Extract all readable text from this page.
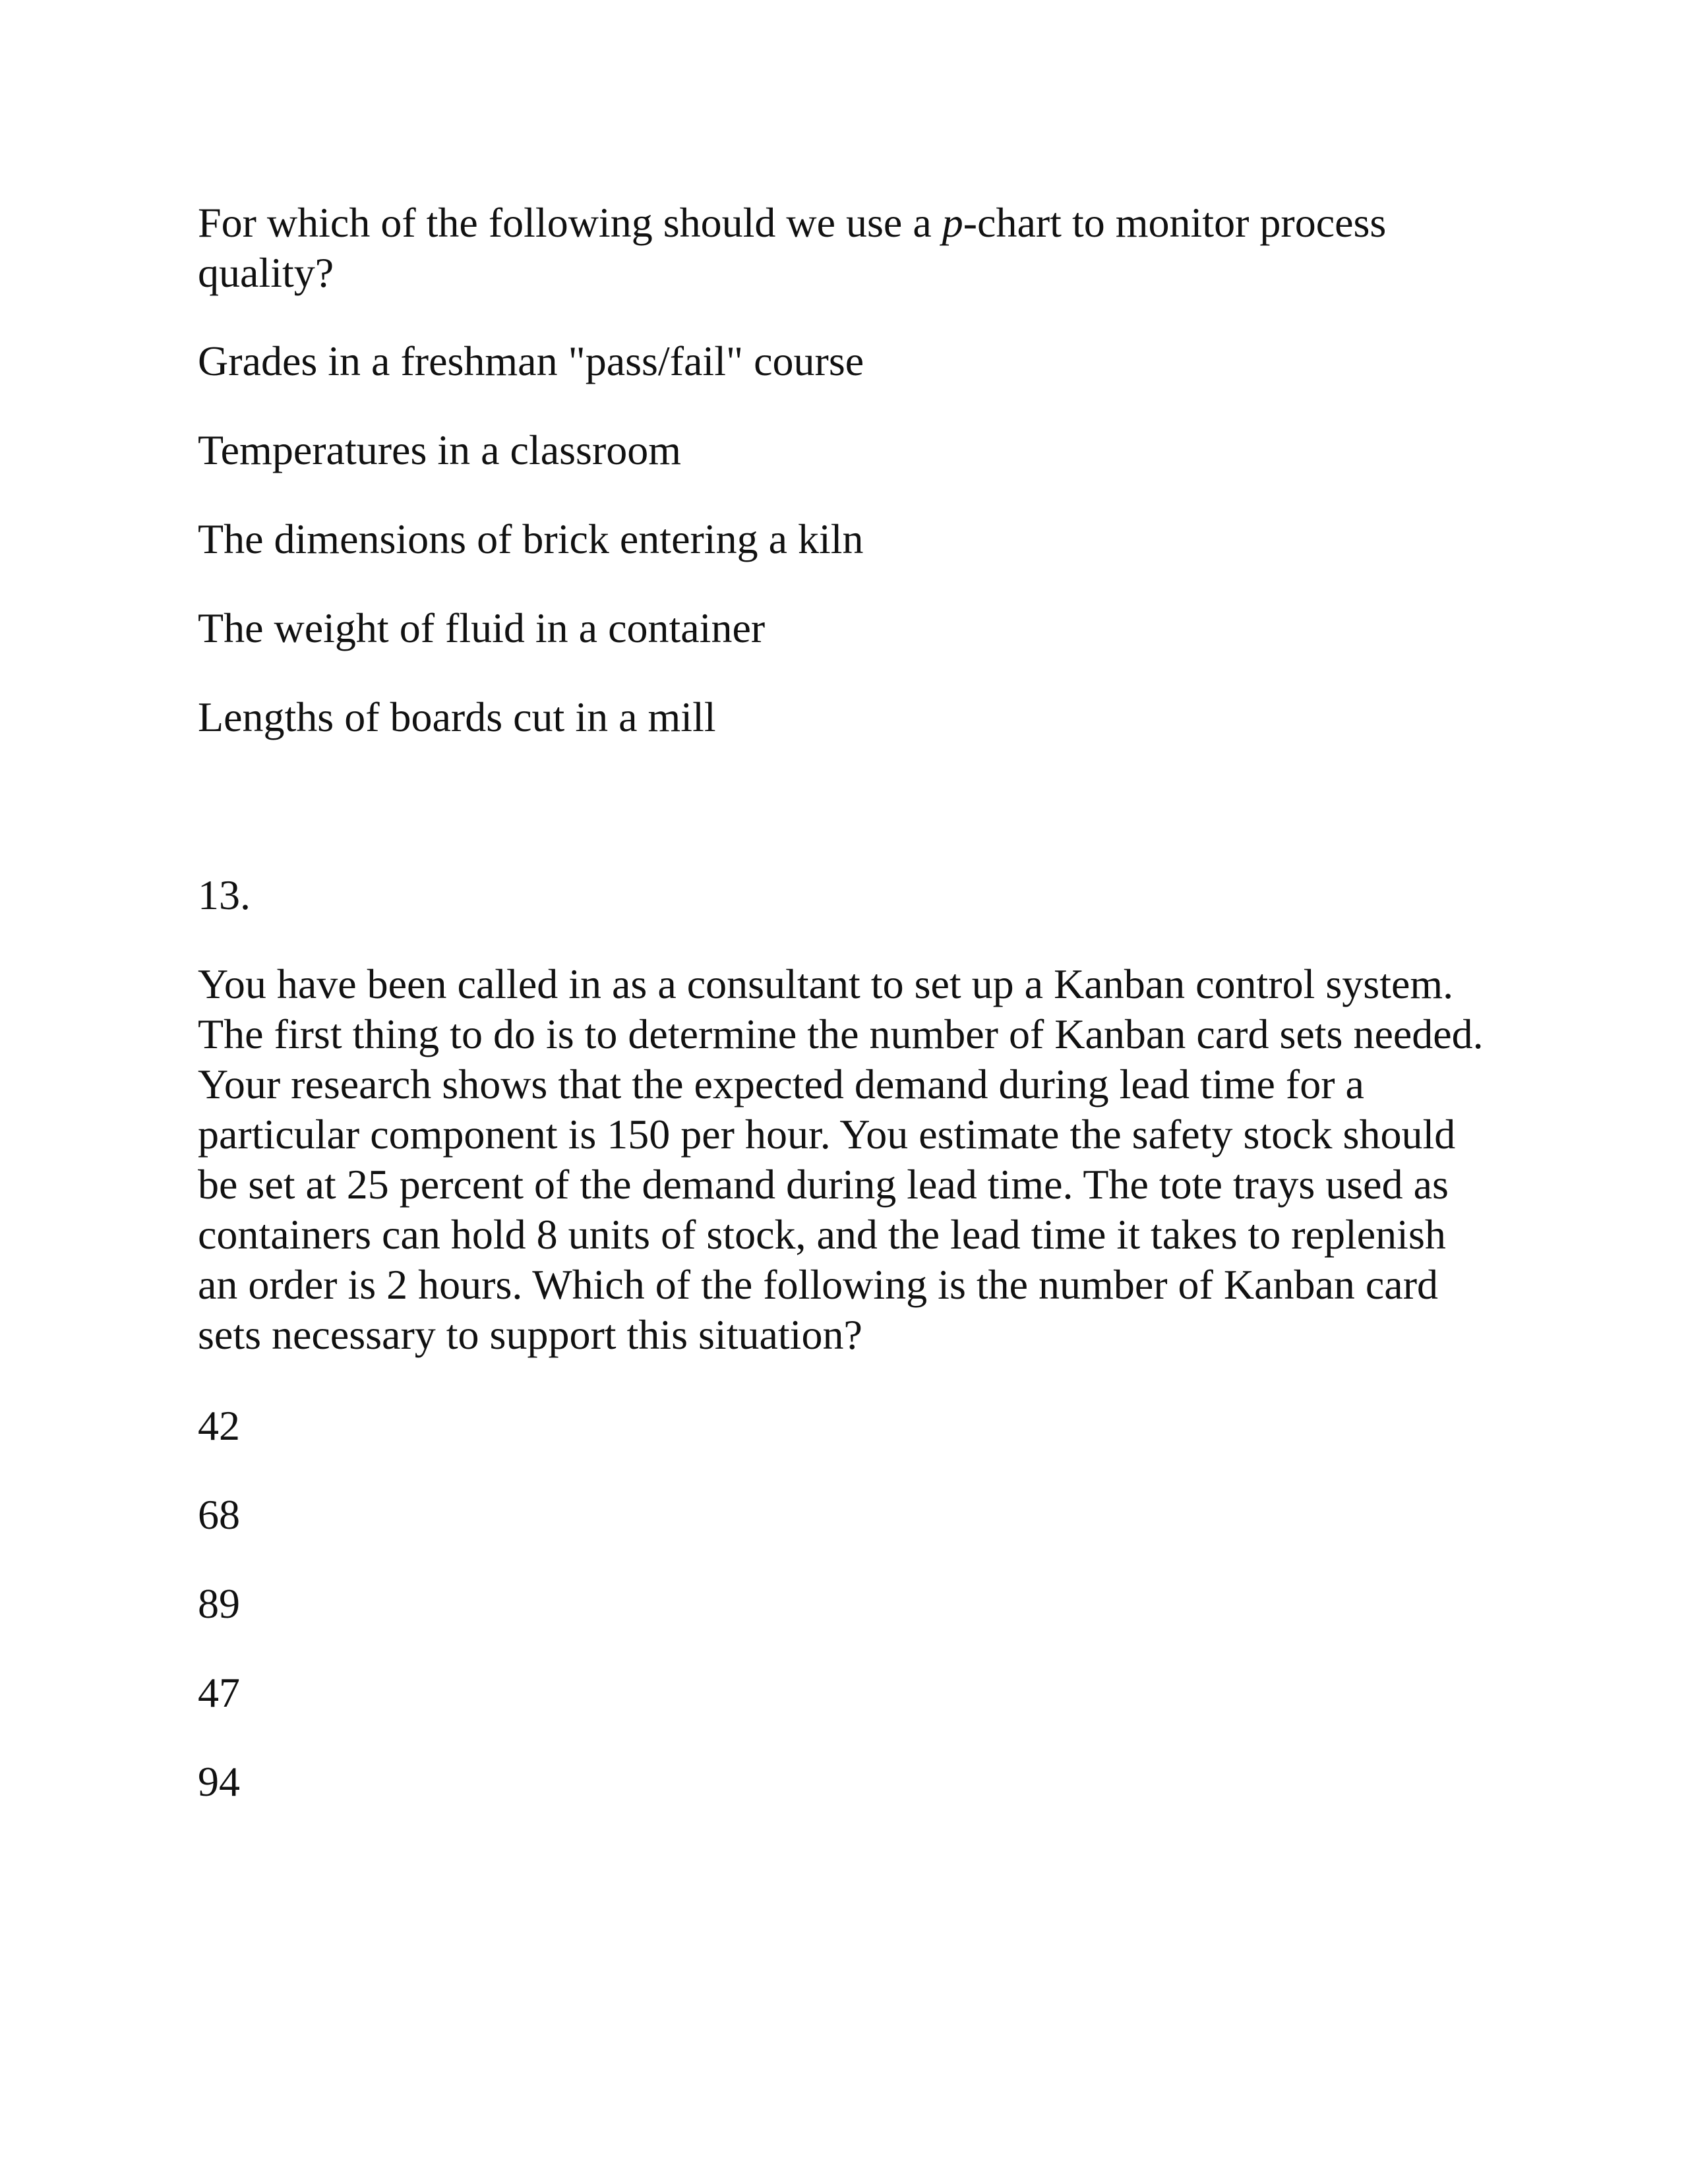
For which of the following should we use a p-chart to monitor process quality?

Grades in a freshman "pass/fail" course

Temperatures in a classroom

The dimensions of brick entering a kiln

The weight of fluid in a container

Lengths of boards cut in a mill

13.

You have been called in as a consultant to set up a Kanban control system. The first thing to do is to determine the number of Kanban card sets needed. Your research shows that the expected demand during lead time for a particular component is 150 per hour. You estimate the safety stock should be set at 25 percent of the demand during lead time. The tote trays used as containers can hold 8 units of stock, and the lead time it takes to replenish an order is 2 hours. Which of the following is the number of Kanban card sets necessary to support this situation?

42

68

89

47

94
